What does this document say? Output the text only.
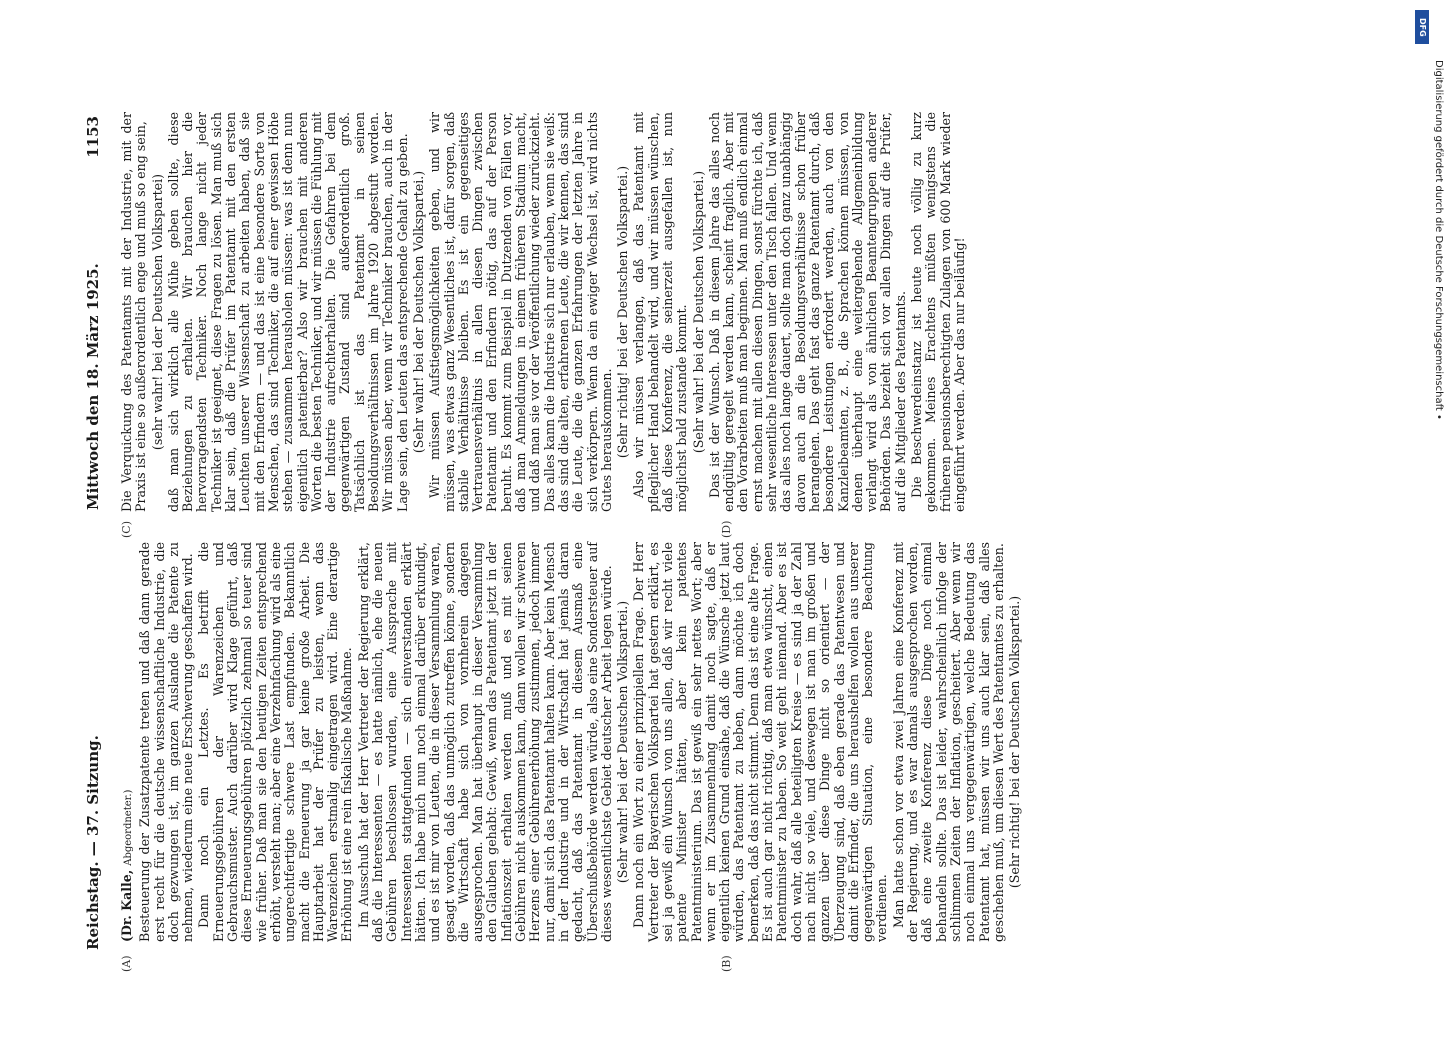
Reichstag. — 37. Sitzung.
Mittwoch den 18. März 1925.
1153
(A)	(B)
(C)	(D)

(Dr. Kalle, Abgeordneter.) Besteuerung der Zusatzpatente treten und daß dann gerade erst recht für die deutsche wissenschaftliche Industrie, die doch gezwungen ist, im ganzen Auslande die Patente zu nehmen, wiederum eine neue Erschwerung geschaffen wird. Dann noch ein Letztes. Es betrifft die Erneuerungsgebühren der Warenzeichen und Gebrauchsmuster. Auch darüber wird Klage geführt, daß diese Erneuerungsgebühren plötzlich zehnmal so teuer sind wie früher. Daß man sie den heutigen Zeiten entsprechend erhöht, versteht man; aber eine Verzehnfachung wird als eine ungerechtfertigte schwere Last empfunden. Bekanntlich macht die Erneuerung ja gar keine große Arbeit. Die Hauptarbeit hat der Prüfer zu leisten, wenn das Warenzeichen erstmalig eingetragen wird. Eine derartige Erhöhung ist eine rein fiskalische Maßnahme. Im Ausschuß hat der Herr Vertreter der Regierung erklärt, daß die Interessenten — es hatte nämlich, ehe die neuen Gebühren beschlossen wurden, eine Aussprache mit Interessenten stattgefunden — sich einverstanden erklärt hätten. Ich habe mich nun noch einmal darüber erkundigt, und es ist mir von Leuten, die in dieser Versammlung waren, gesagt worden, daß das unmöglich zutreffen könne, sondern die Wirtschaft habe sich von vornherein dagegen ausgesprochen. Man hat überhaupt in dieser Versammlung den Glauben gehabt: Gewiß, wenn das Patentamt jetzt in der Inflationszeit erhalten werden muß und es mit seinen Gebühren nicht auskommen kann, dann wollen wir schweren Herzens einer Gebührenerhöhung zustimmen, jedoch immer nur, damit sich das Patentamt halten kann. Aber kein Mensch in der Industrie und in der Wirtschaft hat jemals daran gedacht, daß das Patentamt in diesem Ausmaß eine Überschußbehörde werden würde, also eine Sondersteuer auf dieses wesentlichste Gebiet deutscher Arbeit legen würde. (Sehr wahr! bei der Deutschen Volkspartei.) Dann noch ein Wort zu einer prinzipiellen Frage. Der Herr Vertreter der Bayerischen Volkspartei hat gestern erklärt, es sei ja gewiß ein Wunsch von uns allen, daß wir recht viele patente Minister hätten, aber kein patentes Patentministerium. Das ist gewiß ein sehr nettes Wort; aber wenn er im Zusammenhang damit noch sagte, daß er eigentlich keinen Grund einsähe, daß die Wünsche jetzt laut würden, das Patentamt zu heben, dann möchte ich doch bemerken, daß das nicht stimmt. Denn das ist eine alte Frage. Es ist auch gar nicht richtig, daß man etwa wünscht, einen Patentminister zu haben. So weit geht niemand. Aber es ist doch wahr, daß alle beteiligten Kreise — es sind ja der Zahl nach nicht so viele, und deswegen ist man im großen und ganzen über diese Dinge nicht so orientiert — der Überzeugung sind, daß eben gerade das Patentwesen und damit die Erfinder, die uns heraushelfen wollen aus unserer gegenwärtigen Situation, eine besondere Beachtung verdienen. Man hatte schon vor etwa zwei Jahren eine Konferenz mit der Regierung, und es war damals ausgesprochen worden, daß eine zweite Konferenz diese Dinge noch einmal behandeln sollte. Das ist leider, wahrscheinlich infolge der schlimmen Zeiten der Inflation, gescheitert. Aber wenn wir noch einmal uns vergegenwärtigen, welche Bedeutung das Patentamt hat, müssen wir uns auch klar sein, daß alles geschehen muß, um diesen Wert des Patentamtes zu erhalten. (Sehr richtig! bei der Deutschen Volkspartei.)

Die Verquickung des Patentamts mit der Industrie, mit der Praxis ist eine so außerordentlich enge und muß so eng sein, (sehr wahr! bei der Deutschen Volkspartei) daß man sich wirklich alle Mühe geben sollte, diese Beziehungen zu erhalten. Wir brauchen hier die hervorragendsten Techniker. Noch lange nicht jeder Techniker ist geeignet, diese Fragen zu lösen. Man muß sich klar sein, daß die Prüfer im Patentamt mit den ersten Leuchten unserer Wissenschaft zu arbeiten haben, daß sie mit den Erfindern — und das ist eine besondere Sorte von Menschen, das sind Techniker, die auf einer gewissen Höhe stehen — zusammen herausholen müssen: was ist denn nun eigentlich patentierbar? Also wir brauchen mit anderen Worten die besten Techniker, und wir müssen die Fühlung mit der Industrie aufrechterhalten. Die Gefahren bei dem gegenwärtigen Zustand sind außerordentlich groß. Tatsächlich ist das Patentamt in seinen Besoldungsverhältnissen im Jahre 1920 abgestuft worden. Wir müssen aber, wenn wir Techniker brauchen, auch in der Lage sein, den Leuten das entsprechende Gehalt zu geben. (Sehr wahr! bei der Deutschen Volkspartei.) Wir müssen Aufstiegsmöglichkeiten geben, und wir müssen, was etwas ganz Wesentliches ist, dafür sorgen, daß stabile Verhältnisse bleiben. Es ist ein gegenseitiges Vertrauensverhältnis in allen diesen Dingen zwischen Patentamt und den Erfindern nötig, das auf der Person beruht. Es kommt zum Beispiel in Dutzenden von Fällen vor, daß man Anmeldungen in einem früheren Stadium macht, und daß man sie vor der Veröffentlichung wieder zurückzieht. Das alles kann die Industrie sich nur erlauben, wenn sie weiß: das sind die alten, erfahrenen Leute, die wir kennen, das sind die Leute, die die ganzen Erfahrungen der letzten Jahre in sich verkörpern. Wenn da ein ewiger Wechsel ist, wird nichts Gutes herauskommen. (Sehr richtig! bei der Deutschen Volkspartei.) Also wir müssen verlangen, daß das Patentamt mit pfleglicher Hand behandelt wird, und wir müssen wünschen, daß diese Konferenz, die seinerzeit ausgefallen ist, nun möglichst bald zustande kommt. (Sehr wahr! bei der Deutschen Volkspartei.) Das ist der Wunsch. Daß in diesem Jahre das alles noch endgültig geregelt werden kann, scheint fraglich. Aber mit den Vorarbeiten muß man beginnen. Man muß endlich einmal ernst machen mit allen diesen Dingen, sonst fürchte ich, daß sehr wesentliche Interessen unter den Tisch fallen. Und wenn das alles noch lange dauert, sollte man doch ganz unabhängig davon auch an die Besoldungsverhältnisse schon früher herangehen. Das geht fast das ganze Patentamt durch, daß besondere Leistungen erfordert werden, auch von den Kanzleibeamten, z. B., die Sprachen können müssen, von denen überhaupt eine weitergehende Allgemeinbildung verlangt wird als von ähnlichen Beamtengruppen anderer Behörden. Das bezieht sich vor allen Dingen auf die Prüfer, auf die Mitglieder des Patentamts. Die Beschwerdeinstanz ist heute noch völlig zu kurz gekommen. Meines Erachtens müßten wenigstens die früheren pensionsberechtigten Zulagen von 600 Mark wieder eingeführt werden. Aber das nur beiläufig!

DFG
Digitalisierung gefördert durch die Deutsche Forschungsgemeinschaft •
